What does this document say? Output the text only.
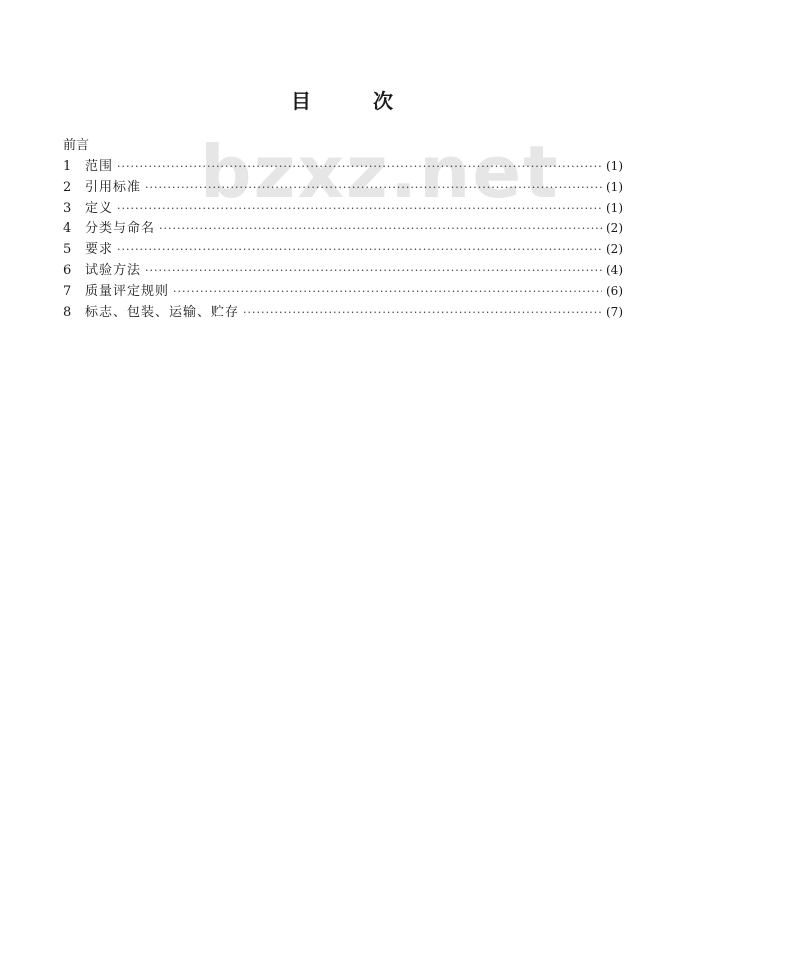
目	次
bzxz.net
前言
1	范围 ·····	(1)
2	引用标准 ·····	(1)
3	定义 ·····	(1)
4	分类与命名 ·····	(2)
5	要求 ·····	(2)
6	试验方法 ·····	(4)
7	质量评定规则 ·····	(6)
8	标志、包装、运输、贮存 ·····	(7)
